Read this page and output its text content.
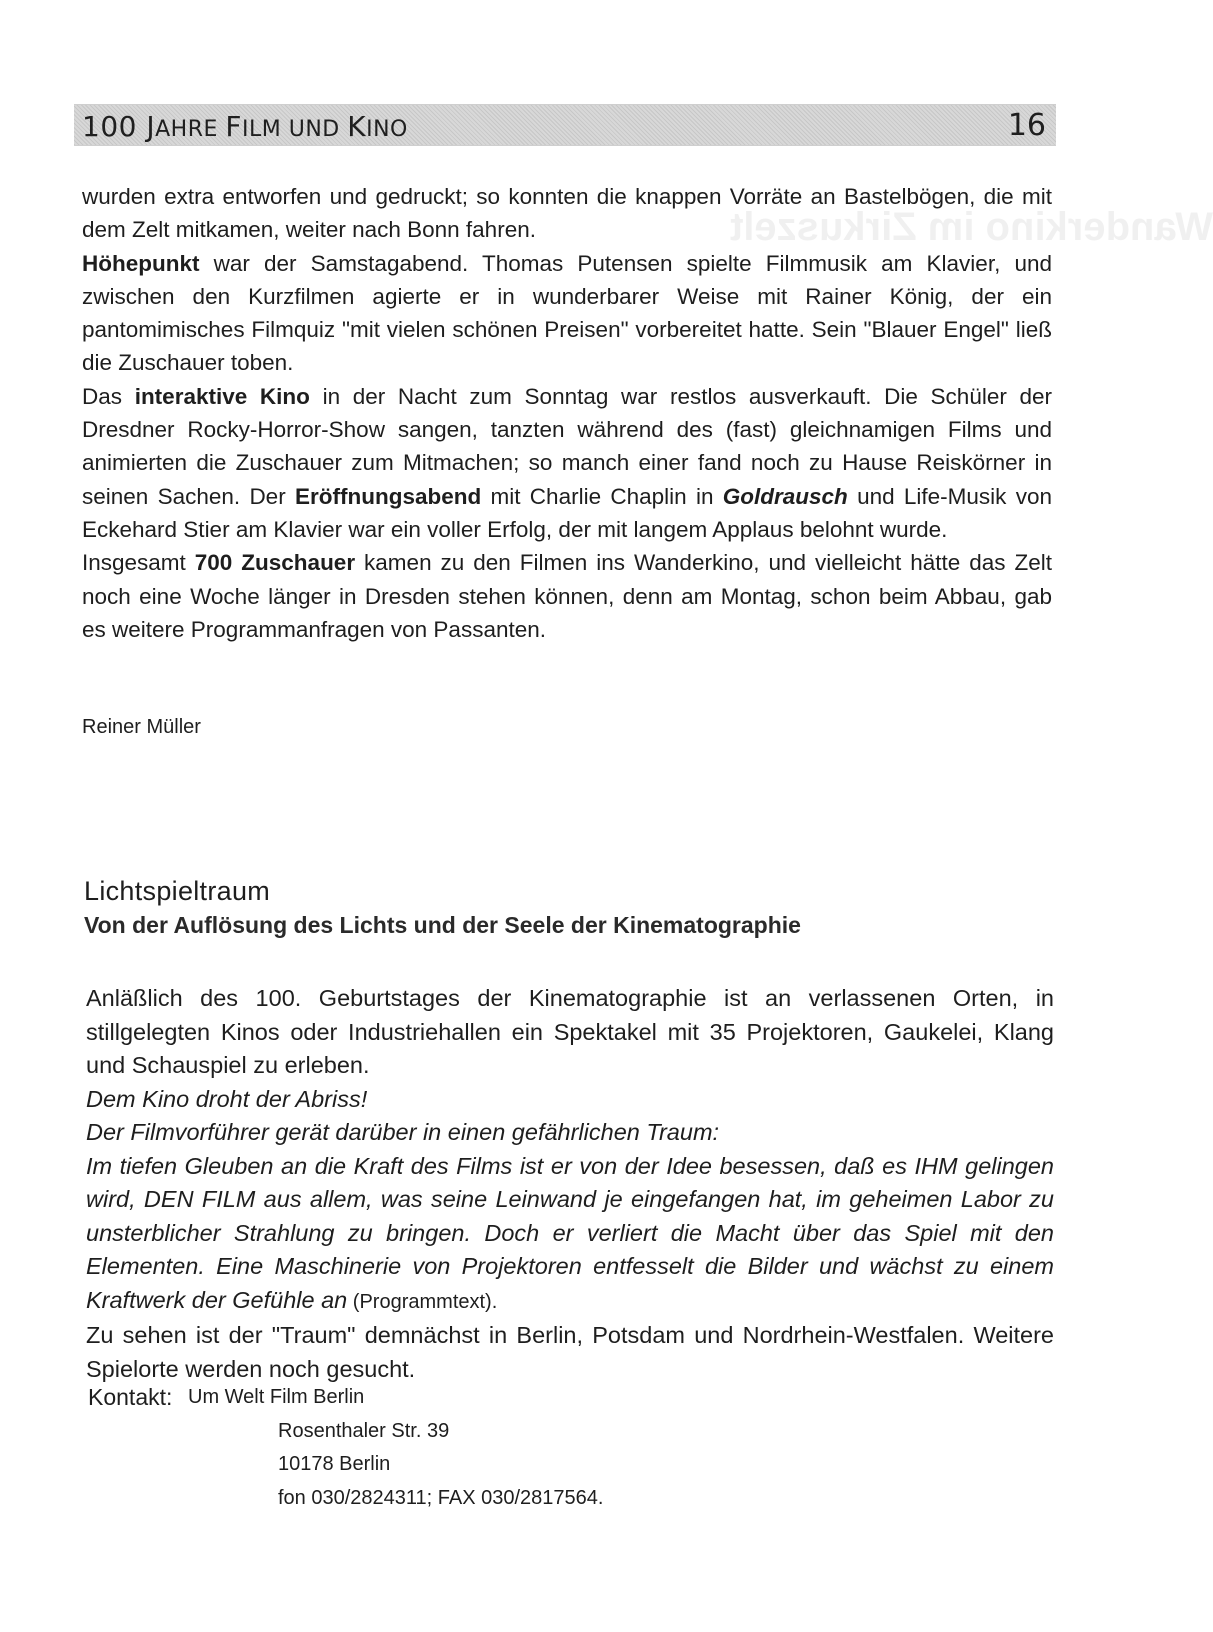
Wanderkino im Zirkuszelt
100 JAHRE FILM UND KINO	16

wurden extra entworfen und gedruckt; so konnten die knappen Vorräte an Bastelbögen, die mit dem Zelt mitkamen, weiter nach Bonn fahren.

Höhepunkt war der Samstagabend. Thomas Putensen spielte Filmmusik am Klavier, und zwischen den Kurzfilmen agierte er in wunderbarer Weise mit Rainer König, der ein pantomimisches Filmquiz "mit vielen schönen Preisen" vorbereitet hatte. Sein "Blauer Engel" ließ die Zuschauer toben.

Das interaktive Kino in der Nacht zum Sonntag war restlos ausverkauft. Die Schüler der Dresdner Rocky-Horror-Show sangen, tanzten während des (fast) gleichnamigen Films und animierten die Zuschauer zum Mitmachen; so manch einer fand noch zu Hause Reiskörner in seinen Sachen. Der Eröffnungsabend mit Charlie Chaplin in Goldrausch und Life-Musik von Eckehard Stier am Klavier war ein voller Erfolg, der mit langem Applaus belohnt wurde.

Insgesamt 700 Zuschauer kamen zu den Filmen ins Wanderkino, und vielleicht hätte das Zelt noch eine Woche länger in Dresden stehen können, denn am Montag, schon beim Abbau, gab es weitere Programmanfragen von Passanten.

Reiner Müller
Lichtspieltraum
Von der Auflösung des Lichts und der Seele der Kinematographie

Anläßlich des 100. Geburtstages der Kinematographie ist an verlassenen Orten, in stillgelegten Kinos oder Industriehallen ein Spektakel mit 35 Projektoren, Gaukelei, Klang und Schauspiel zu erleben.

Dem Kino droht der Abriss!

Der Filmvorführer gerät darüber in einen gefährlichen Traum:

Im tiefen Gleuben an die Kraft des Films ist er von der Idee besessen, daß es IHM gelingen wird, DEN FILM aus allem, was seine Leinwand je eingefangen hat, im geheimen Labor zu unsterblicher Strahlung zu bringen. Doch er verliert die Macht über das Spiel mit den Elementen. Eine Maschinerie von Projektoren entfesselt die Bilder und wächst zu einem Kraftwerk der Gefühle an (Programmtext).

Zu sehen ist der "Traum" demnächst in Berlin, Potsdam und Nordrhein-Westfalen. Weitere Spielorte werden noch gesucht.

Kontakt: Um Welt Film Berlin
Rosenthaler Str. 39
10178 Berlin
fon 030/2824311; FAX 030/2817564.
